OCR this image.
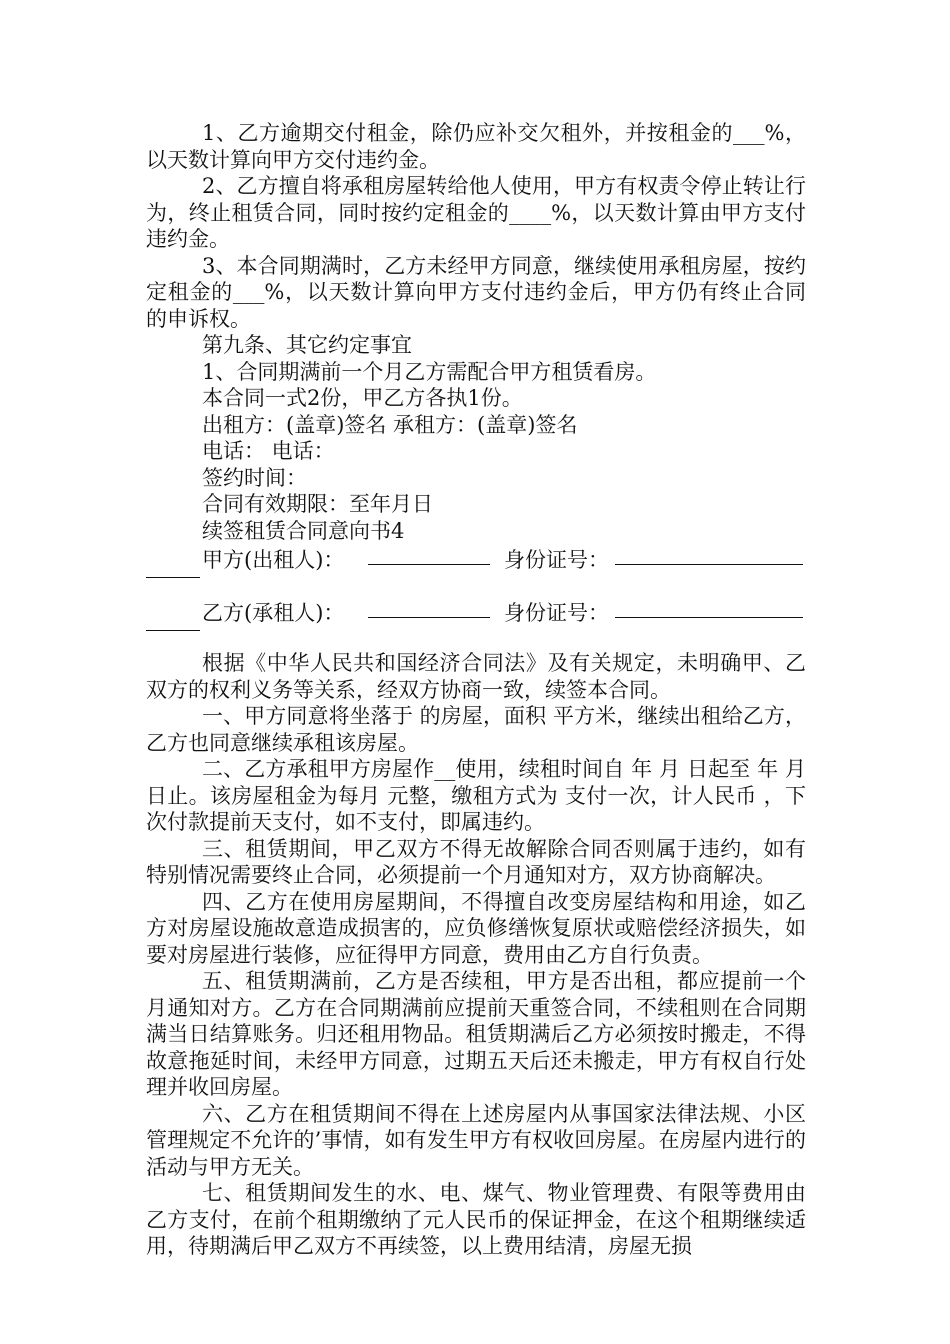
1、乙方逾期交付租金，除仍应补交欠租外，并按租金的___%，以天数计算向甲方交付违约金。

2、乙方擅自将承租房屋转给他人使用，甲方有权责令停止转让行为，终止租赁合同，同时按约定租金的____%，以天数计算由甲方支付违约金。

3、本合同期满时，乙方未经甲方同意，继续使用承租房屋，按约定租金的___%，以天数计算向甲方支付违约金后，甲方仍有终止合同的申诉权。

第九条、其它约定事宜

1、合同期满前一个月乙方需配合甲方租赁看房。

本合同一式2份，甲乙方各执1份。

出租方：(盖章)签名 承租方：(盖章)签名

电话： 电话：

签约时间：

合同有效期限：至年月日

续签租赁合同意向书4

甲方(出租人)：	身份证号：
乙方(承租人)：	身份证号：

根据《中华人民共和国经济合同法》及有关规定，未明确甲、乙双方的权利义务等关系，经双方协商一致，续签本合同。

一、甲方同意将坐落于 的房屋，面积 平方米，继续出租给乙方，乙方也同意继续承租该房屋。

二、乙方承租甲方房屋作__使用，续租时间自 年 月 日起至 年 月 日止。该房屋租金为每月 元整，缴租方式为 支付一次，计人民币 ，下次付款提前天支付，如不支付，即属违约。

三、租赁期间，甲乙双方不得无故解除合同否则属于违约，如有特别情况需要终止合同，必须提前一个月通知对方，双方协商解决。

四、乙方在使用房屋期间，不得擅自改变房屋结构和用途，如乙方对房屋设施故意造成损害的，应负修缮恢复原状或赔偿经济损失，如要对房屋进行装修，应征得甲方同意，费用由乙方自行负责。

五、租赁期满前，乙方是否续租，甲方是否出租，都应提前一个月通知对方。乙方在合同期满前应提前天重签合同，不续租则在合同期满当日结算账务。归还租用物品。租赁期满后乙方必须按时搬走，不得故意拖延时间，未经甲方同意，过期五天后还未搬走，甲方有权自行处理并收回房屋。

六、乙方在租赁期间不得在上述房屋内从事国家法律法规、小区管理规定不允许的’事情，如有发生甲方有权收回房屋。在房屋内进行的活动与甲方无关。

七、租赁期间发生的水、电、煤气、物业管理费、有限等费用由乙方支付，在前个租期缴纳了元人民币的保证押金，在这个租期继续适用，待期满后甲乙双方不再续签，以上费用结清，房屋无损
